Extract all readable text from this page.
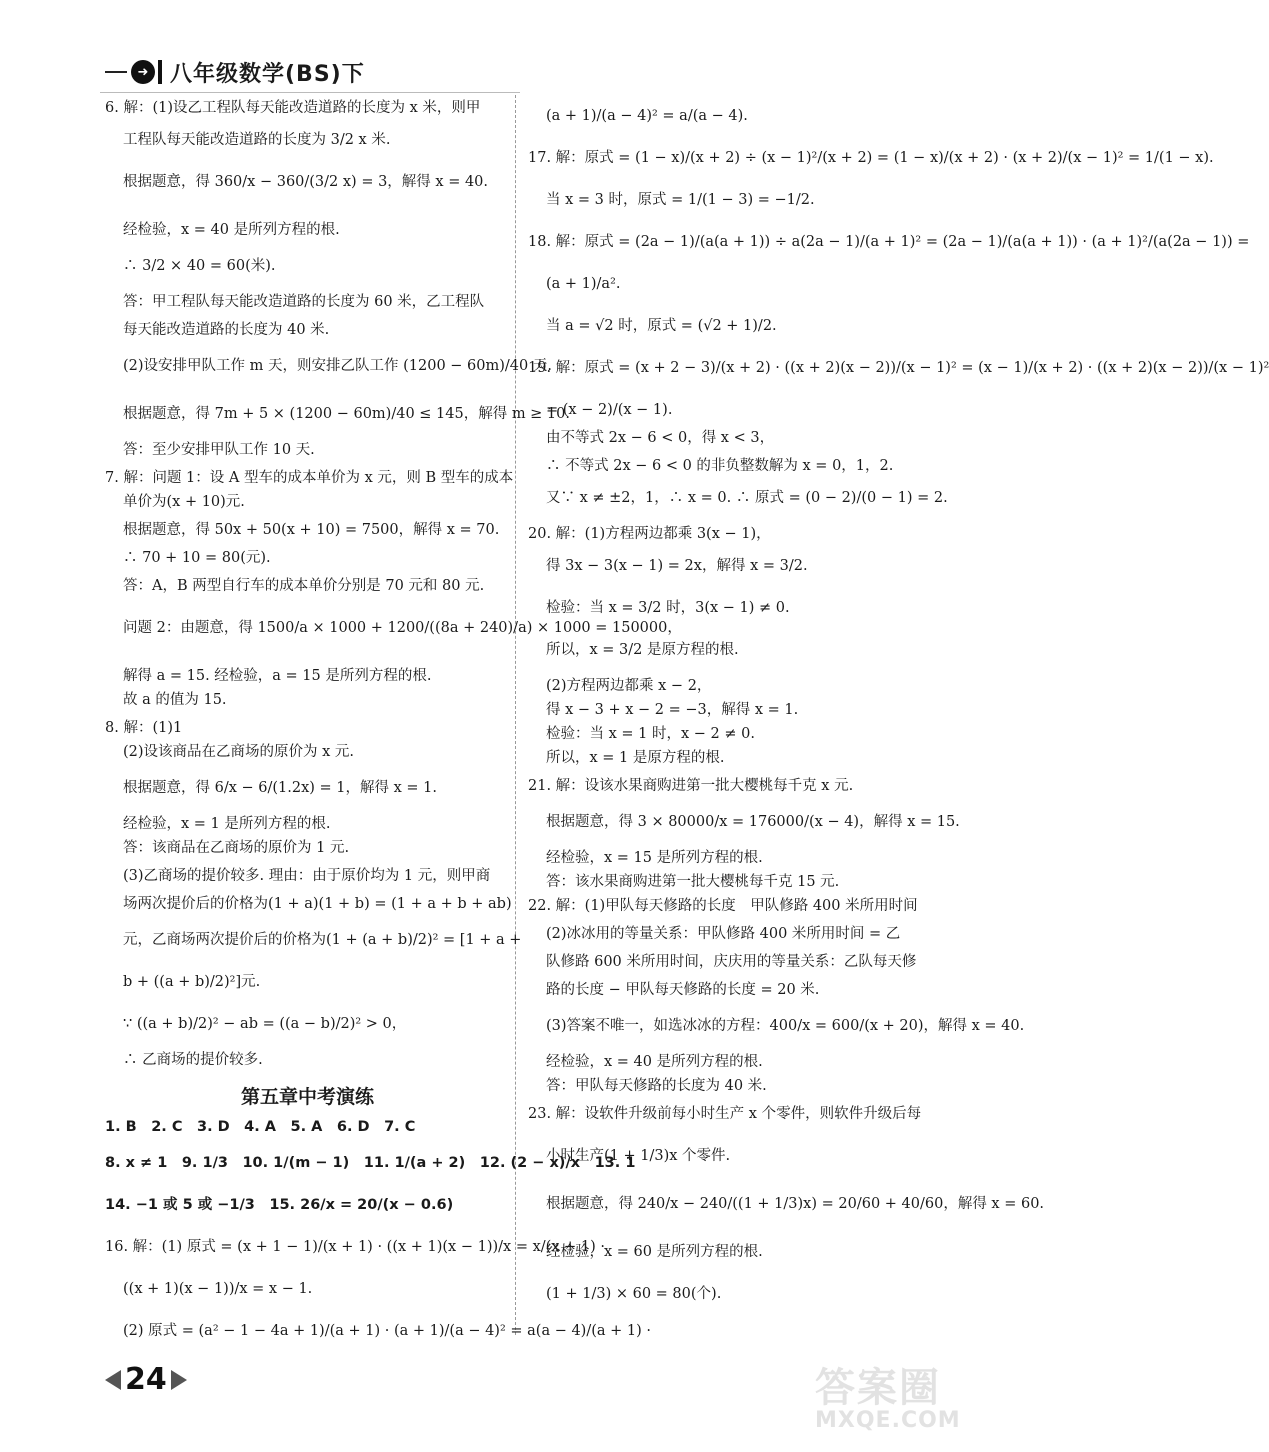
➜ 八年级数学(BS)下

6. 解：(1)设乙工程队每天能改造道路的长度为 x 米，则甲

工程队每天能改造道路的长度为 3/2 x 米.

根据题意，得 360/x − 360/(3/2 x) = 3，解得 x = 40.

经检验，x = 40 是所列方程的根.

∴ 3/2 × 40 = 60(米).

答：甲工程队每天能改造道路的长度为 60 米，乙工程队

每天能改造道路的长度为 40 米.

(2)设安排甲队工作 m 天，则安排乙队工作 (1200 − 60m)/40 天.

根据题意，得 7m + 5 × (1200 − 60m)/40 ≤ 145，解得 m ≥ 10.

答：至少安排甲队工作 10 天.

7. 解：问题 1：设 A 型车的成本单价为 x 元，则 B 型车的成本

单价为(x + 10)元.

根据题意，得 50x + 50(x + 10) = 7500，解得 x = 70.

∴ 70 + 10 = 80(元).

答：A，B 两型自行车的成本单价分别是 70 元和 80 元.

问题 2：由题意，得 1500/a × 1000 + 1200/((8a + 240)/a) × 1000 = 150000，

解得 a = 15. 经检验，a = 15 是所列方程的根.

故 a 的值为 15.

8. 解：(1)1

(2)设该商品在乙商场的原价为 x 元.

根据题意，得 6/x − 6/(1.2x) = 1，解得 x = 1.

经检验，x = 1 是所列方程的根.

答：该商品在乙商场的原价为 1 元.

(3)乙商场的提价较多. 理由：由于原价均为 1 元，则甲商

场两次提价后的价格为(1 + a)(1 + b) = (1 + a + b + ab)

元，乙商场两次提价后的价格为(1 + (a + b)/2)² = [1 + a +

b + ((a + b)/2)²]元.

∵ ((a + b)/2)² − ab = ((a − b)/2)² > 0，

∴ 乙商场的提价较多.

第五章中考演练

1. B　2. C　3. D　4. A　5. A　6. D　7. C

8. x ≠ 1　9. 1/3　10. 1/(m − 1)　11. 1/(a + 2)　12. (2 − x)/x　13. 1

14. −1 或 5 或 −1/3　15. 26/x = 20/(x − 0.6)

16. 解：(1) 原式 = (x + 1 − 1)/(x + 1) · ((x + 1)(x − 1))/x = x/(x + 1) ·

((x + 1)(x − 1))/x = x − 1.

(2) 原式 = (a² − 1 − 4a + 1)/(a + 1) · (a + 1)/(a − 4)² = a(a − 4)/(a + 1) ·

(a + 1)/(a − 4)² = a/(a − 4).

17. 解：原式 = (1 − x)/(x + 2) ÷ (x − 1)²/(x + 2) = (1 − x)/(x + 2) · (x + 2)/(x − 1)² = 1/(1 − x).

当 x = 3 时，原式 = 1/(1 − 3) = −1/2.

18. 解：原式 = (2a − 1)/(a(a + 1)) ÷ a(2a − 1)/(a + 1)² = (2a − 1)/(a(a + 1)) · (a + 1)²/(a(2a − 1)) =

(a + 1)/a².

当 a = √2 时，原式 = (√2 + 1)/2.

19. 解：原式 = (x + 2 − 3)/(x + 2) · ((x + 2)(x − 2))/(x − 1)² = (x − 1)/(x + 2) · ((x + 2)(x − 2))/(x − 1)²

= (x − 2)/(x − 1).

由不等式 2x − 6 < 0，得 x < 3，

∴ 不等式 2x − 6 < 0 的非负整数解为 x = 0，1，2.

又∵ x ≠ ±2，1，∴ x = 0. ∴ 原式 = (0 − 2)/(0 − 1) = 2.

20. 解：(1)方程两边都乘 3(x − 1)，

得 3x − 3(x − 1) = 2x，解得 x = 3/2.

检验：当 x = 3/2 时，3(x − 1) ≠ 0.

所以，x = 3/2 是原方程的根.

(2)方程两边都乘 x − 2，

得 x − 3 + x − 2 = −3，解得 x = 1.

检验：当 x = 1 时，x − 2 ≠ 0.

所以，x = 1 是原方程的根.

21. 解：设该水果商购进第一批大樱桃每千克 x 元.

根据题意，得 3 × 80000/x = 176000/(x − 4)，解得 x = 15.

经检验，x = 15 是所列方程的根.

答：该水果商购进第一批大樱桃每千克 15 元.

22. 解：(1)甲队每天修路的长度　甲队修路 400 米所用时间

(2)冰冰用的等量关系：甲队修路 400 米所用时间 = 乙

队修路 600 米所用时间，庆庆用的等量关系：乙队每天修

路的长度 − 甲队每天修路的长度 = 20 米.

(3)答案不唯一，如选冰冰的方程：400/x = 600/(x + 20)，解得 x = 40.

经检验，x = 40 是所列方程的根.

答：甲队每天修路的长度为 40 米.

23. 解：设软件升级前每小时生产 x 个零件，则软件升级后每

小时生产(1 + 1/3)x 个零件.

根据题意，得 240/x − 240/((1 + 1/3)x) = 20/60 + 40/60，解得 x = 60.

经检验，x = 60 是所列方程的根.

(1 + 1/3) × 60 = 80(个).

24	答案圈
MXQE.COM
